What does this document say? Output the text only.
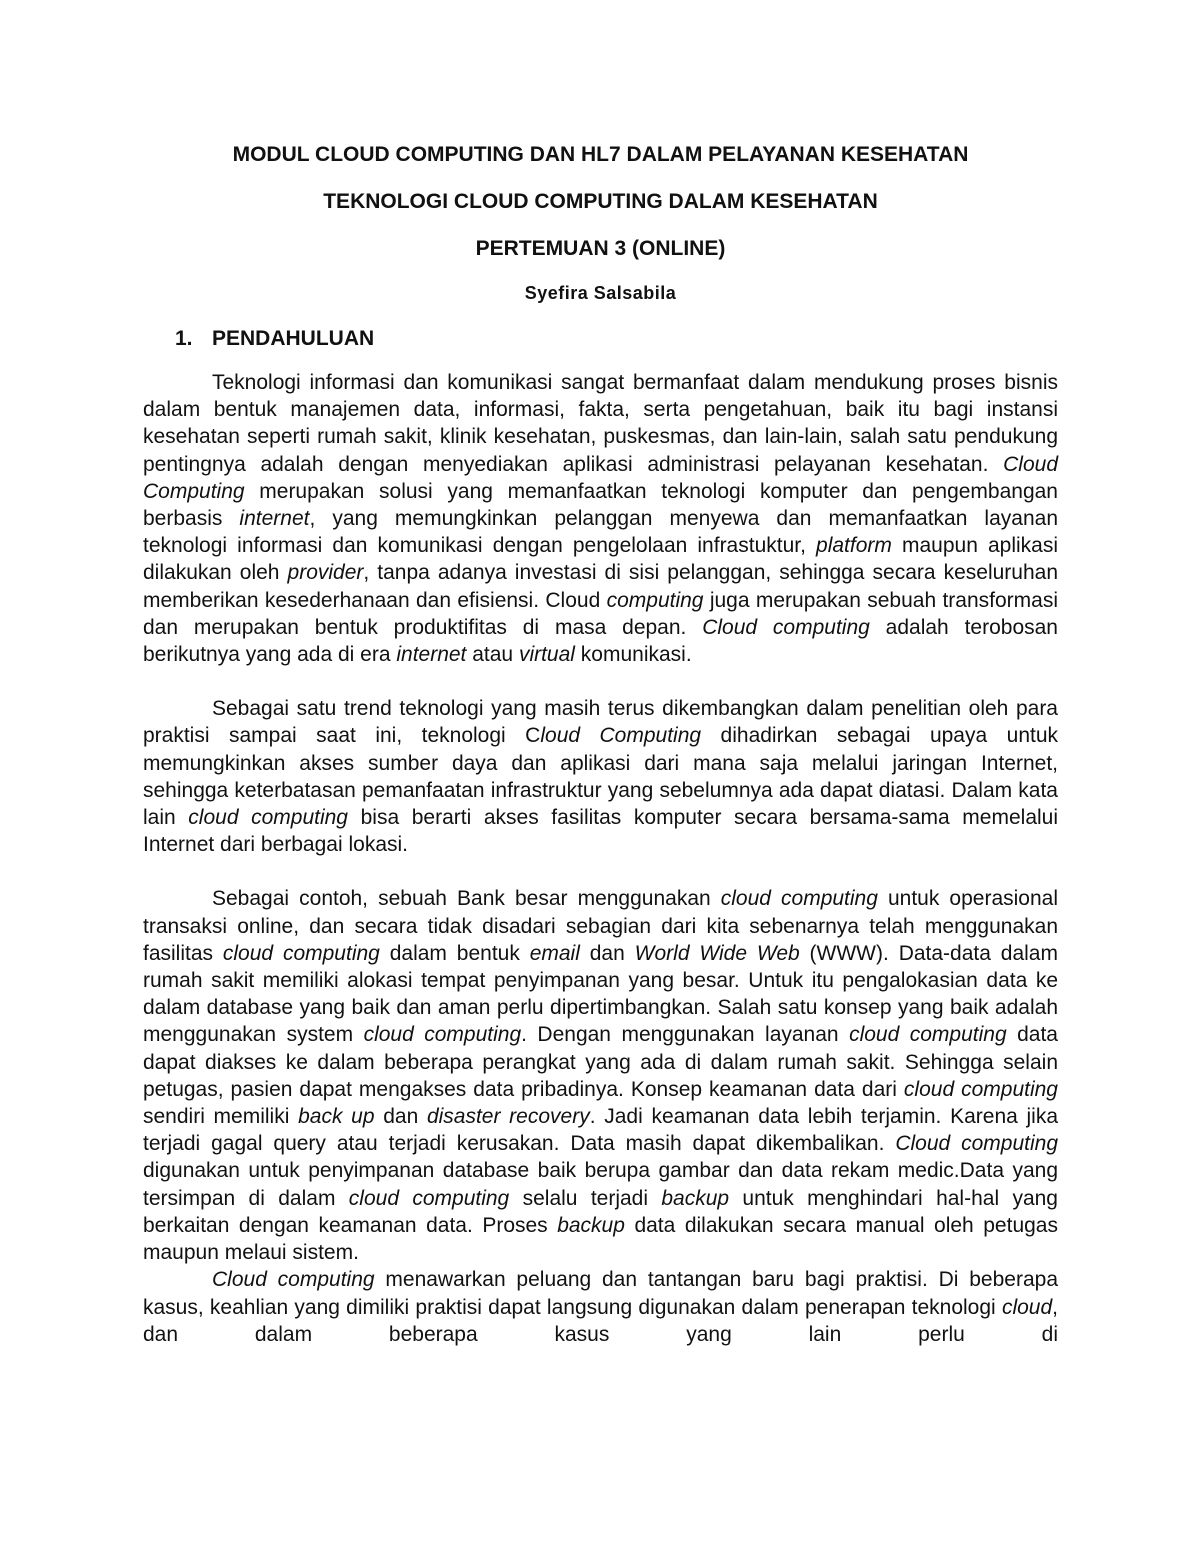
MODUL CLOUD COMPUTING DAN HL7 DALAM PELAYANAN KESEHATAN
TEKNOLOGI CLOUD COMPUTING DALAM KESEHATAN
PERTEMUAN 3 (ONLINE)
Syefira Salsabila
1. PENDAHULUAN

Teknologi informasi dan komunikasi sangat bermanfaat dalam mendukung proses bisnis dalam bentuk manajemen data, informasi, fakta, serta pengetahuan, baik itu bagi instansi kesehatan seperti rumah sakit, klinik kesehatan, puskesmas, dan lain-lain, salah satu pendukung pentingnya adalah dengan menyediakan aplikasi administrasi pelayanan kesehatan. Cloud Computing merupakan solusi yang memanfaatkan teknologi komputer dan pengembangan berbasis internet, yang memungkinkan pelanggan menyewa dan memanfaatkan layanan teknologi informasi dan komunikasi dengan pengelolaan infrastuktur, platform maupun aplikasi dilakukan oleh provider, tanpa adanya investasi di sisi pelanggan, sehingga secara keseluruhan memberikan kesederhanaan dan efisiensi. Cloud computing juga merupakan sebuah transformasi dan merupakan bentuk produktifitas di masa depan. Cloud computing adalah terobosan berikutnya yang ada di era internet atau virtual komunikasi.

Sebagai satu trend teknologi yang masih terus dikembangkan dalam penelitian oleh para praktisi sampai saat ini, teknologi Cloud Computing dihadirkan sebagai upaya untuk memungkinkan akses sumber daya dan aplikasi dari mana saja melalui jaringan Internet, sehingga keterbatasan pemanfaatan infrastruktur yang sebelumnya ada dapat diatasi. Dalam kata lain cloud computing bisa berarti akses fasilitas komputer secara bersama-sama memelalui Internet dari berbagai lokasi.

Sebagai contoh, sebuah Bank besar menggunakan cloud computing untuk operasional transaksi online, dan secara tidak disadari sebagian dari kita sebenarnya telah menggunakan fasilitas cloud computing dalam bentuk email dan World Wide Web (WWW). Data-data dalam rumah sakit memiliki alokasi tempat penyimpanan yang besar. Untuk itu pengalokasian data ke dalam database yang baik dan aman perlu dipertimbangkan. Salah satu konsep yang baik adalah menggunakan system cloud computing. Dengan menggunakan layanan cloud computing data dapat diakses ke dalam beberapa perangkat yang ada di dalam rumah sakit. Sehingga selain petugas, pasien dapat mengakses data pribadinya. Konsep keamanan data dari cloud computing sendiri memiliki back up dan disaster recovery. Jadi keamanan data lebih terjamin. Karena jika terjadi gagal query atau terjadi kerusakan. Data masih dapat dikembalikan. Cloud computing digunakan untuk penyimpanan database baik berupa gambar dan data rekam medic.Data yang tersimpan di dalam cloud computing selalu terjadi backup untuk menghindari hal-hal yang berkaitan dengan keamanan data. Proses backup data dilakukan secara manual oleh petugas maupun melaui sistem.

Cloud computing menawarkan peluang dan tantangan baru bagi praktisi. Di beberapa kasus, keahlian yang dimiliki praktisi dapat langsung digunakan dalam penerapan teknologi cloud, dan dalam beberapa kasus yang lain perlu di
